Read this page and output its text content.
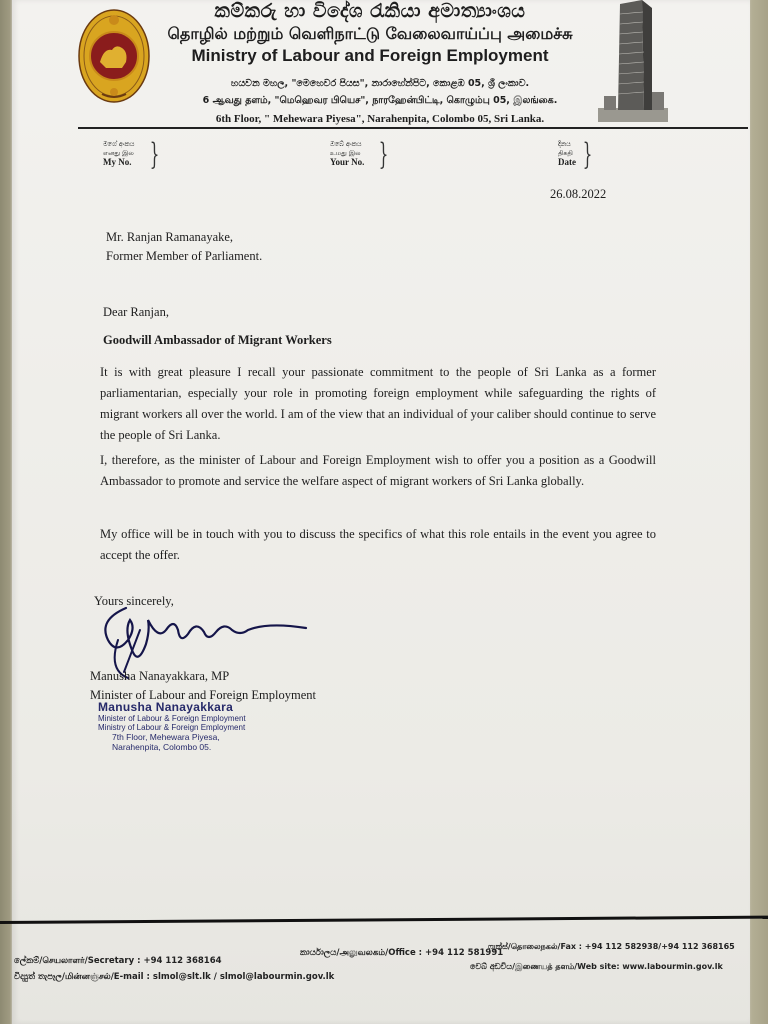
කම්කරු හා විදේශ රැකියා අමාත්‍යාංශය
தொழில் மற்றும் வெளிநாட்டு வேலைவாய்ப்பு அமைச்சு
Ministry of Labour and Foreign Employment
හයවන මහල, "මෙහෙවර පියස", නාරාහේන්පිට, කොළඹ 05, ශ්‍රී ලංකාව.
6 ஆவது தளம், "மெஹெவர பியெச", நாரஹேன்பிட்டி, கொழும்பு 05, இலங்கை.
6th Floor, " Mehewara Piyesa", Narahenpita, Colombo 05, Sri Lanka.
මගේ අංකය
எனது இல
My No. }	ඔබේ අංකය
உமது இல
Your No. }	දිනය
திகதி
Date }
26.08.2022
Mr. Ranjan Ramanayake,
Former Member of Parliament.
Dear Ranjan,
Goodwill Ambassador of Migrant Workers
It is with great pleasure I recall your passionate commitment to the people of Sri Lanka as a former parliamentarian, especially your role in promoting foreign employment while safeguarding the rights of migrant workers all over the world. I am of the view that an individual of your caliber should continue to serve the people of Sri Lanka.
I, therefore, as the minister of Labour and Foreign Employment wish to offer you a position as a Goodwill Ambassador to promote and service the welfare aspect of migrant workers of Sri Lanka globally.
My office will be in touch with you to discuss the specifics of what this role entails in the event you agree to accept the offer.
Yours sincerely,
Manusha Nanayakkara, MP
Minister of Labour and Foreign Employment
Manusha Nanayakkara
Minister of Labour & Foreign Employment
Ministry of Labour & Foreign Employment
7th Floor, Mehewara Piyesa,
Narahenpita, Colombo 05.
ලේකම්/செயலாளர்/Secretary : +94 112 368164
කාර්යාලය/அலுவலகம்/Office : +94 112 581991
ෆැක්ස්/தொலைநகல்/Fax : +94 112 582938/+94 112 368165
විද්‍යුත් තැපෑල/மின்னஞ்சல்/E-mail : slmol@slt.lk / slmol@labourmin.gov.lk
වෙබ් අඩවිය/இணையத் தளம்/Web site: www.labourmin.gov.lk
